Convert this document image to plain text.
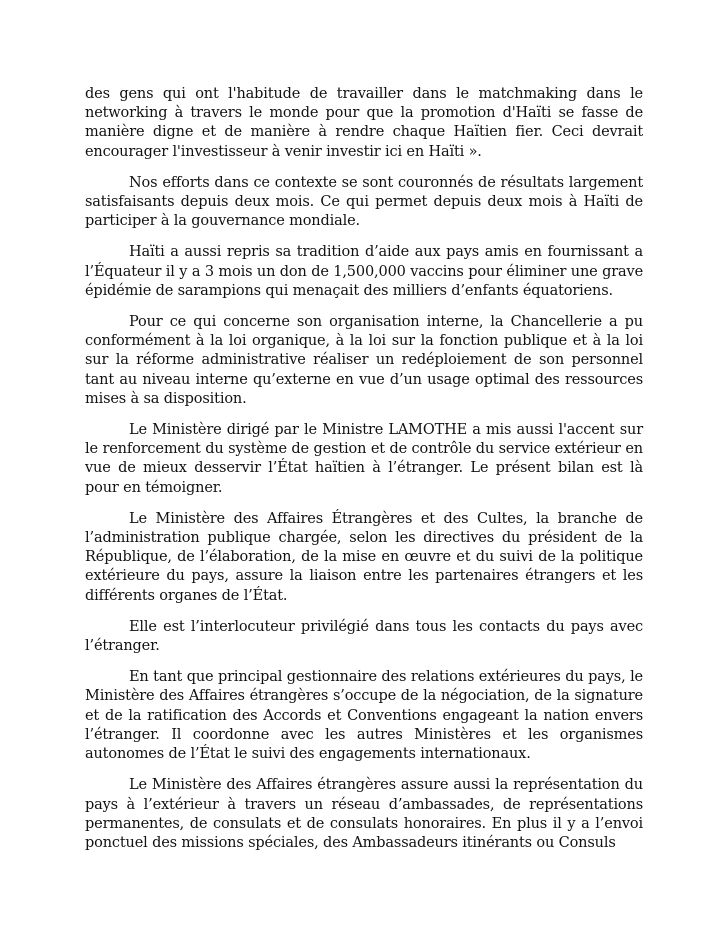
des gens qui ont l'habitude de travailler dans le matchmaking dans le networking à travers le monde pour que la promotion d'Haïti se fasse de manière digne et de manière à rendre chaque Haïtien fier. Ceci devrait encourager l'investisseur à venir investir ici en Haïti ».

Nos efforts dans ce contexte se sont couronnés de résultats largement satisfaisants depuis deux mois. Ce qui permet depuis deux mois à Haïti de participer à la gouvernance mondiale.

Haïti a aussi repris sa tradition d’aide aux pays amis en fournissant a l’Équateur il y a 3 mois un don de 1,500,000 vaccins pour éliminer une grave épidémie de sarampions qui menaçait des milliers d’enfants équatoriens.

Pour ce qui concerne son organisation interne, la Chancellerie a pu conformément à la loi organique, à la loi sur la fonction publique et à la loi sur la réforme administrative réaliser un redéploiement de son personnel tant au niveau interne qu’externe en vue d’un usage optimal des ressources mises à sa disposition.

Le Ministère dirigé par le Ministre LAMOTHE a mis aussi l'accent sur le renforcement du système de gestion et de contrôle du service extérieur en vue de mieux desservir l’État haïtien à l’étranger. Le présent bilan est là pour en témoigner.

Le Ministère des Affaires Étrangères et des Cultes, la branche de l’administration publique chargée, selon les directives du président de la République, de l’élaboration, de la mise en œuvre et du suivi de la politique extérieure du pays, assure la liaison entre les partenaires étrangers et les différents organes de l’État.

Elle est l’interlocuteur privilégié dans tous les contacts du pays avec l’étranger.

En tant que principal gestionnaire des relations extérieures du pays, le Ministère des Affaires étrangères s’occupe de la négociation, de la signature et de la ratification des Accords et Conventions engageant la nation envers l’étranger. Il coordonne avec les autres Ministères et les organismes autonomes de l’État le suivi des engagements internationaux.

Le Ministère des Affaires étrangères assure aussi la représentation du pays à l’extérieur à travers un réseau d’ambassades, de représentations permanentes, de consulats et de consulats honoraires. En plus il y a l’envoi ponctuel des missions spéciales, des Ambassadeurs itinérants ou Consuls
